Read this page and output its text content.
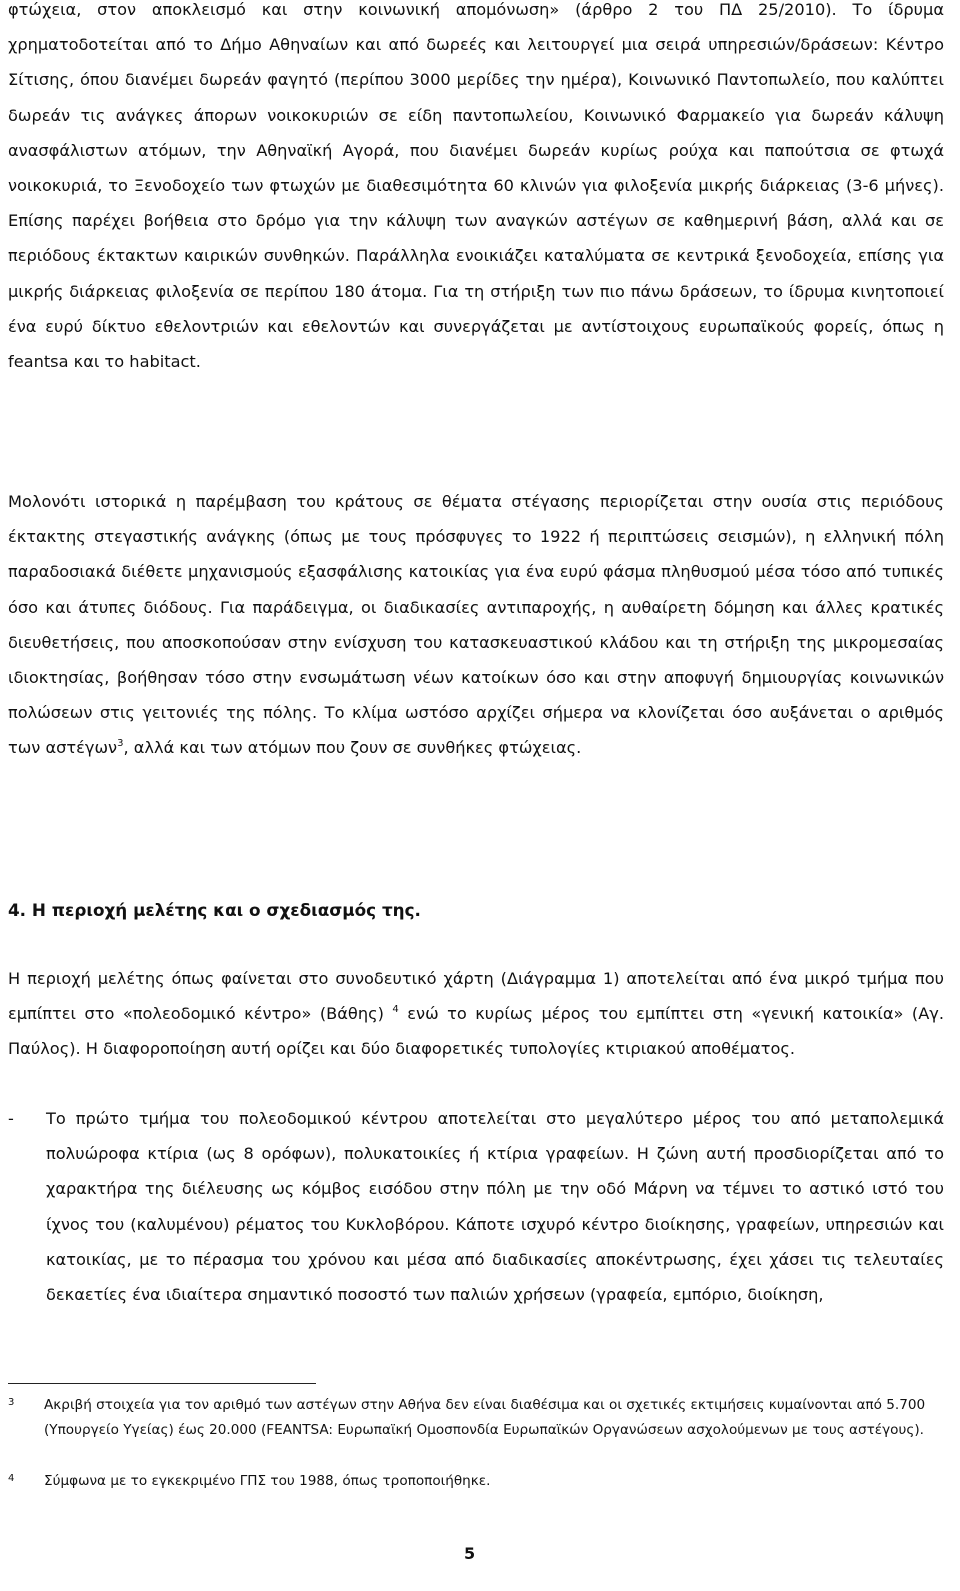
φτώχεια, στον αποκλεισμό και στην κοινωνική απομόνωση» (άρθρο 2 του ΠΔ 25/2010). Το ίδρυμα χρηματοδοτείται από το Δήμο Αθηναίων και από δωρεές και λειτουργεί μια σειρά υπηρεσιών/δράσεων: Κέντρο Σίτισης, όπου διανέμει δωρεάν φαγητό (περίπου 3000 μερίδες την ημέρα), Κοινωνικό Παντοπωλείο, που καλύπτει δωρεάν τις ανάγκες άπορων νοικοκυριών σε είδη παντοπωλείου, Κοινωνικό Φαρμακείο για δωρεάν κάλυψη ανασφάλιστων ατόμων, την Αθηναϊκή Αγορά, που διανέμει δωρεάν κυρίως ρούχα και παπούτσια σε φτωχά νοικοκυριά, το Ξενοδοχείο των φτωχών με διαθεσιμότητα 60 κλινών για φιλοξενία μικρής διάρκειας (3-6 μήνες). Επίσης παρέχει βοήθεια στο δρόμο για την κάλυψη των αναγκών αστέγων σε καθημερινή βάση, αλλά και σε περιόδους έκτακτων καιρικών συνθηκών. Παράλληλα ενοικιάζει καταλύματα σε κεντρικά ξενοδοχεία, επίσης για μικρής διάρκειας φιλοξενία σε περίπου 180 άτομα. Για τη στήριξη των πιο πάνω δράσεων, το ίδρυμα κινητοποιεί ένα ευρύ δίκτυο εθελοντριών και εθελοντών και συνεργάζεται με αντίστοιχους ευρωπαϊκούς φορείς, όπως η feantsa και το habitact.

Μολονότι ιστορικά η παρέμβαση του κράτους σε θέματα στέγασης περιορίζεται στην ουσία στις περιόδους έκτακτης στεγαστικής ανάγκης (όπως με τους πρόσφυγες το 1922 ή περιπτώσεις σεισμών), η ελληνική πόλη παραδοσιακά διέθετε μηχανισμούς εξασφάλισης κατοικίας για ένα ευρύ φάσμα πληθυσμού μέσα τόσο από τυπικές όσο και άτυπες διόδους. Για παράδειγμα, οι διαδικασίες αντιπαροχής, η αυθαίρετη δόμηση και άλλες κρατικές διευθετήσεις, που αποσκοπούσαν στην ενίσχυση του κατασκευαστικού κλάδου και τη στήριξη της μικρομεσαίας ιδιοκτησίας, βοήθησαν τόσο στην ενσωμάτωση νέων κατοίκων όσο και στην αποφυγή δημιουργίας κοινωνικών πολώσεων στις γειτονιές της πόλης. Το κλίμα ωστόσο αρχίζει σήμερα να κλονίζεται όσο αυξάνεται ο αριθμός των αστέγων$^3$, αλλά και των ατόμων που ζουν σε συνθήκες φτώχειας.

4. Η περιοχή μελέτης και ο σχεδιασμός της.

Η περιοχή μελέτης όπως φαίνεται στο συνοδευτικό χάρτη (Διάγραμμα 1) αποτελείται από ένα μικρό τμήμα που εμπίπτει στο «πολεοδομικό κέντρο» (Βάθης) $^4$ ενώ το κυρίως μέρος του εμπίπτει στη «γενική κατοικία» (Αγ. Παύλος). Η διαφοροποίηση αυτή ορίζει και δύο διαφορετικές τυπολογίες κτιριακού αποθέματος.

- Το πρώτο τμήμα του πολεοδομικού κέντρου αποτελείται στο μεγαλύτερο μέρος του από μεταπολεμικά πολυώροφα κτίρια (ως 8 ορόφων), πολυκατοικίες ή κτίρια γραφείων. Η ζώνη αυτή προσδιορίζεται από το χαρακτήρα της διέλευσης ως κόμβος εισόδου στην πόλη με την οδό Μάρνη να τέμνει το αστικό ιστό του ίχνος του (καλυμένου) ρέματος του Κυκλοβόρου. Κάποτε ισχυρό κέντρο διοίκησης, γραφείων, υπηρεσιών και κατοικίας, με το πέρασμα του χρόνου και μέσα από διαδικασίες αποκέντρωσης, έχει χάσει τις τελευταίες δεκαετίες ένα ιδιαίτερα σημαντικό ποσοστό των παλιών χρήσεων (γραφεία, εμπόριο, διοίκηση,
3 Ακριβή στοιχεία για τον αριθμό των αστέγων στην Αθήνα δεν είναι διαθέσιμα και οι σχετικές εκτιμήσεις κυμαίνονται από 5.700 (Υπουργείο Υγείας) έως 20.000 (FEANTSA: Ευρωπαϊκή Ομοσπονδία Ευρωπαϊκών Οργανώσεων ασχολούμενων με τους αστέγους).
4 Σύμφωνα με το εγκεκριμένο ΓΠΣ του 1988, όπως τροποποιήθηκε.

5
